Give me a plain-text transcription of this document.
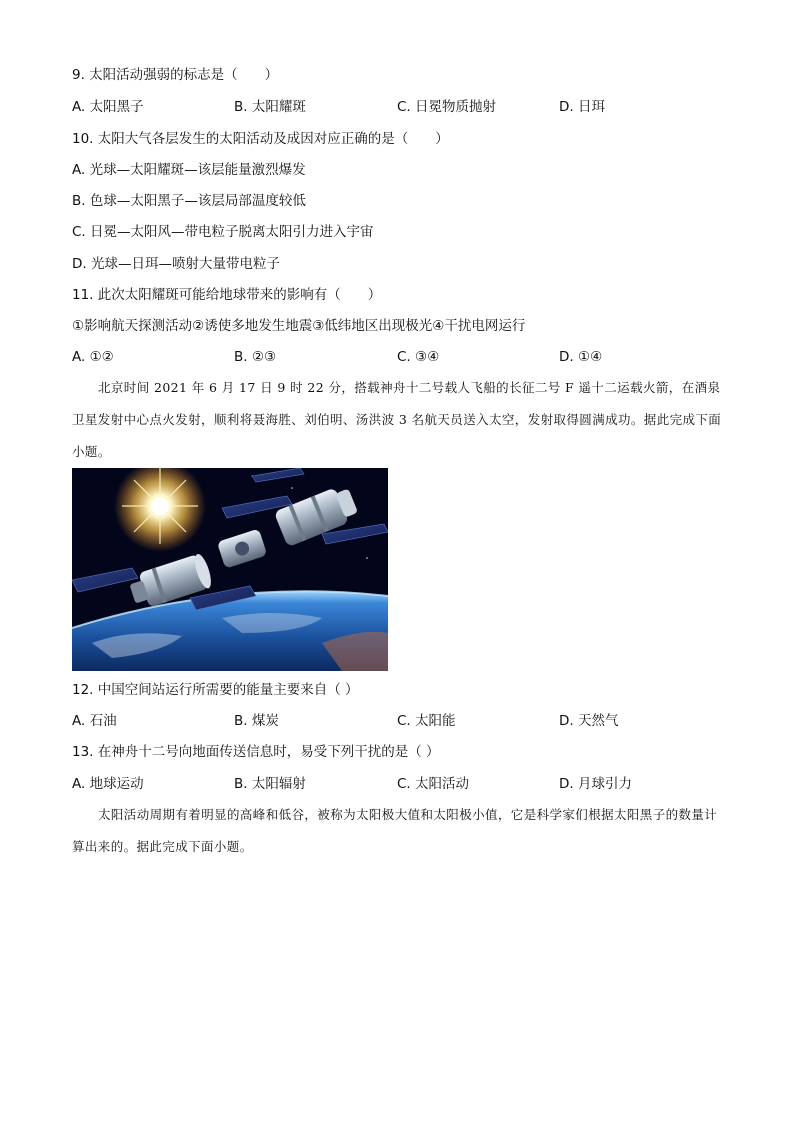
9. 太阳活动强弱的标志是（　　）
A. 太阳黑子	B. 太阳耀斑	C. 日冕物质抛射	D. 日珥
10. 太阳大气各层发生的太阳活动及成因对应正确的是（　　）
A. 光球—太阳耀斑—该层能量激烈爆发
B. 色球—太阳黑子—该层局部温度较低
C. 日冕—太阳风—带电粒子脱离太阳引力进入宇宙
D. 光球—日珥—喷射大量带电粒子
11. 此次太阳耀斑可能给地球带来的影响有（　　）
①影响航天探测活动②诱使多地发生地震③低纬地区出现极光④干扰电网运行
A. ①②	B. ②③	C. ③④	D. ①④
北京时间 2021 年 6 月 17 日 9 时 22 分，搭载神舟十二号载人飞船的长征二号 F 遥十二运载火箭，在酒泉卫星发射中心点火发射，顺利将聂海胜、刘伯明、汤洪波 3 名航天员送入太空，发射取得圆满成功。据此完成下面小题。
12. 中国空间站运行所需要的能量主要来自（ ）
A. 石油	B. 煤炭	C. 太阳能	D. 天然气
13. 在神舟十二号向地面传送信息时，易受下列干扰的是（ ）
A. 地球运动	B. 太阳辐射	C. 太阳活动	D. 月球引力
太阳活动周期有着明显的高峰和低谷，被称为太阳极大值和太阳极小值，它是科学家们根据太阳黑子的数量计算出来的。据此完成下面小题。
